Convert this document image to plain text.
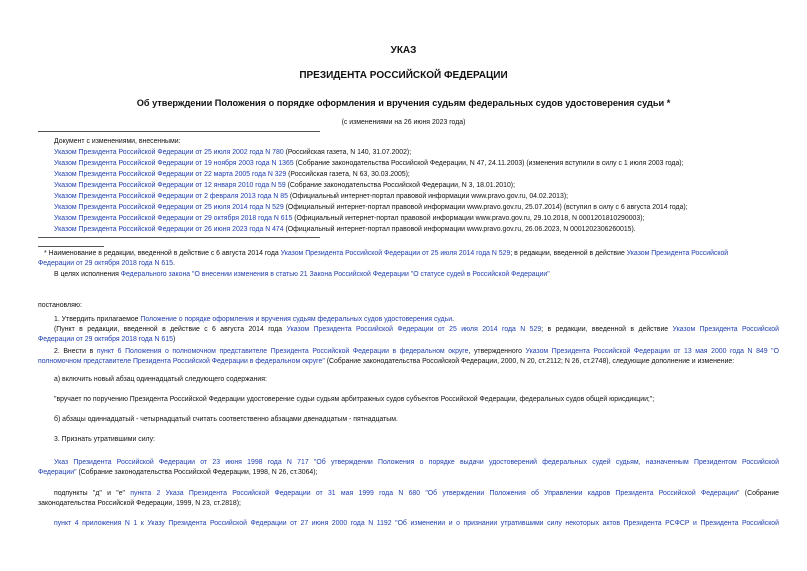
УКАЗ
ПРЕЗИДЕНТА РОССИЙСКОЙ ФЕДЕРАЦИИ
Об утверждении Положения о порядке оформления и вручения судьям федеральных судов удостоверения судьи *
(с изменениями на 26 июня 2023 года)
Документ с изменениями, внесенными:
Указом Президента Российской Федерации от 25 июля 2002 года N 780 (Российская газета, N 140, 31.07.2002);
Указом Президента Российской Федерации от 19 ноября 2003 года N 1365 (Собрание законодательства Российской Федерации, N 47, 24.11.2003) (изменения вступили в силу с 1 июля 2003 года);
Указом Президента Российской Федерации от 22 марта 2005 года N 329 (Российская газета, N 63, 30.03.2005);
Указом Президента Российской Федерации от 12 января 2010 года N 59 (Собрание законодательства Российской Федерации, N 3, 18.01.2010);
Указом Президента Российской Федерации от 2 февраля 2013 года N 85 (Официальный интернет-портал правовой информации www.pravo.gov.ru, 04.02.2013);
Указом Президента Российской Федерации от 25 июля 2014 года N 529 (Официальный интернет-портал правовой информации www.pravo.gov.ru, 25.07.2014) (вступил в силу с 6 августа 2014 года);
Указом Президента Российской Федерации от 29 октября 2018 года N 615 (Официальный интернет-портал правовой информации www.pravo.gov.ru, 29.10.2018, N 0001201810290003);
Указом Президента Российской Федерации от 26 июня 2023 года N 474 (Официальный интернет-портал правовой информации www.pravo.gov.ru, 26.06.2023, N 0001202306260015).
* Наименование в редакции, введенной в действие с 6 августа 2014 года Указом Президента Российской Федерации от 25 июля 2014 года N 529; в редакции, введенной в действие Указом Президента Российской
Федерации от 29 октября 2018 года N 615.
В целях исполнения Федерального закона "О внесении изменения в статью 21 Закона Российской Федерации "О статусе судей в Российской Федерации"
постановляю:
1. Утвердить прилагаемое Положение о порядке оформления и вручения судьям федеральных судов удостоверения судьи.
(Пункт в редакции, введенной в действие с 6 августа 2014 года Указом Президента Российской Федерации от 25 июля 2014 года N 529; в редакции, введенной в действие Указом Президента Российской
Федерации от 29 октября 2018 года N 615)
2. Внести в пункт 6 Положения о полномочном представителе Президента Российской Федерации в федеральном округе, утвержденного Указом Президента Российской Федерации от 13 мая 2000 года N 849 "О
полномочном представителе Президента Российской Федерации в федеральном округе" (Собрание законодательства Российской Федерации, 2000, N 20, ст.2112; N 26, ст.2748), следующие дополнение и изменение:
а) включить новый абзац одиннадцатый следующего содержания:
"вручает по поручению Президента Российской Федерации удостоверение судьи судьям арбитражных судов субъектов Российской Федерации, федеральных судов общей юрисдикции;";
б) абзацы одиннадцатый - четырнадцатый считать соответственно абзацами двенадцатым - пятнадцатым.
3. Признать утратившими силу:
Указ Президента Российской Федерации от 23 июня 1998 года N 717 "Об утверждении Положения о порядке выдачи удостоверений федеральных судей судьям, назначенным Президентом Российской
Федерации" (Собрание законодательства Российской Федерации, 1998, N 26, ст.3064);
подпункты "д" и "е" пункта 2 Указа Президента Российской Федерации от 31 мая 1999 года N 680 "Об утверждении Положения об Управлении кадров Президента Российской Федерации" (Собрание
законодательства Российской Федерации, 1999, N 23, ст.2818);
пункт 4 приложения N 1 к Указу Президента Российской Федерации от 27 июня 2000 года N 1192 "Об изменении и о признании утратившими силу некоторых актов Президента РСФСР и Президента Российской
